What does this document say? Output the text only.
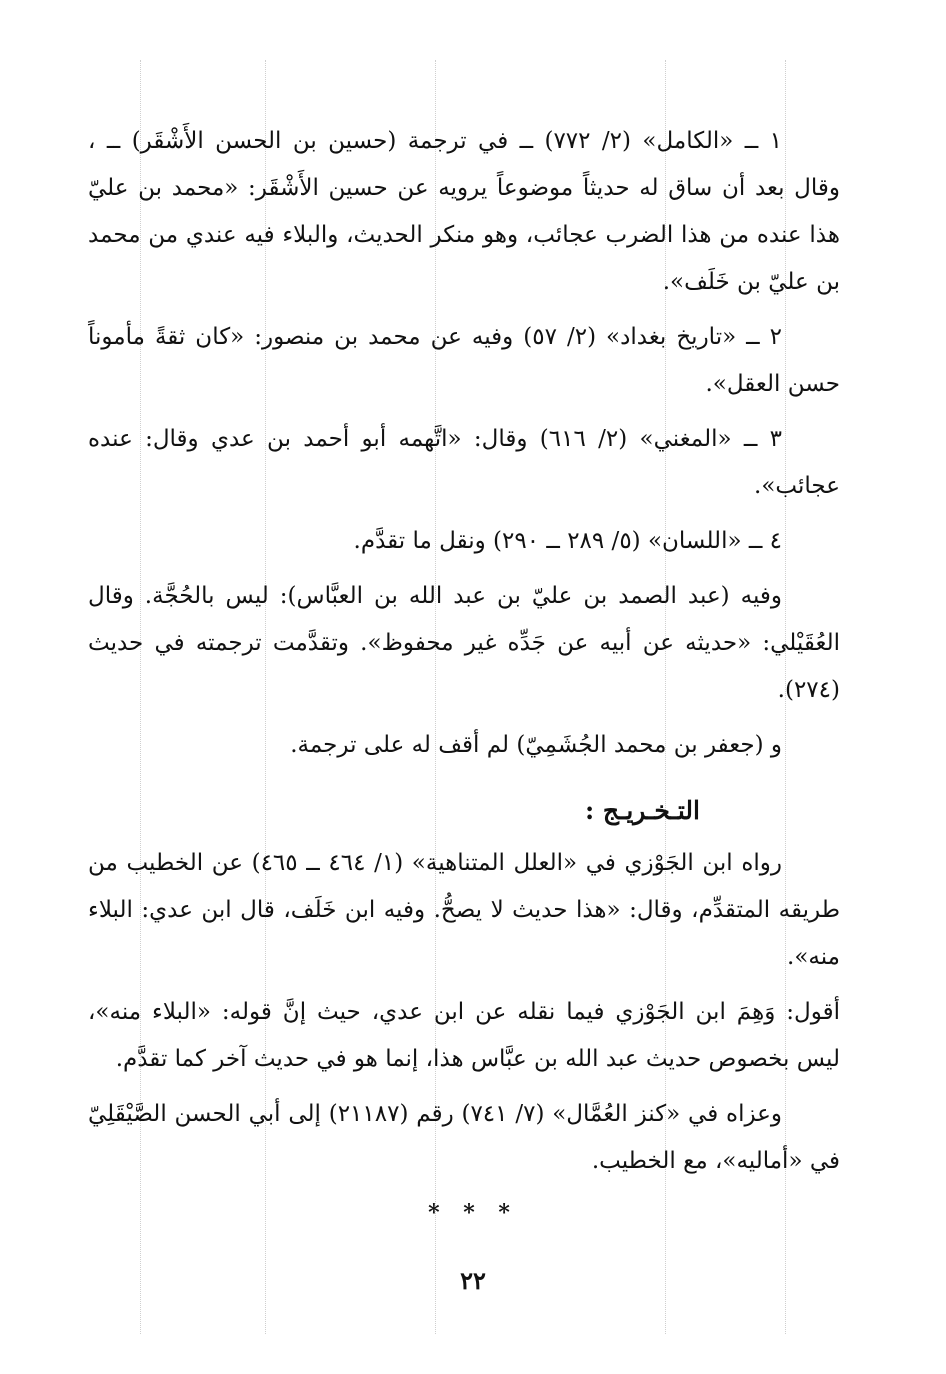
١ ــ «الكامل» (٢/ ٧٧٢) ــ في ترجمة (حسين بن الحسن الأَشْقَر) ــ ، وقال بعد أن ساق له حديثاً موضوعاً يرويه عن حسين الأَشْقَر: «محمد بن عليّ هذا عنده من هذا الضرب عجائب، وهو منكر الحديث، والبلاء فيه عندي من محمد بن عليّ بن خَلَف».

٢ ــ «تاريخ بغداد» (٢/ ٥٧) وفيه عن محمد بن منصور: «كان ثقةً مأموناً حسن العقل».

٣ ــ «المغني» (٢/ ٦١٦) وقال: «اتَّهمه أبو أحمد بن عدي وقال: عنده عجائب».

٤ ــ «اللسان» (٥/ ٢٨٩ ــ ٢٩٠) ونقل ما تقدَّم.

وفيه (عبد الصمد بن عليّ بن عبد الله بن العبَّاس): ليس بالحُجَّة. وقال العُقَيْلي: «حديثه عن أبيه عن جَدِّه غير محفوظ». وتقدَّمت ترجمته في حديث (٢٧٤).

و (جعفر بن محمد الجُشَمِيّ) لم أقف له على ترجمة.

التـخـريـج :

رواه ابن الجَوْزي في «العلل المتناهية» (١/ ٤٦٤ ــ ٤٦٥) عن الخطيب من طريقه المتقدِّم، وقال: «هذا حديث لا يصحُّ. وفيه ابن خَلَف، قال ابن عدي: البلاء منه».

أقول: وَهِمَ ابن الجَوْزي فيما نقله عن ابن عدي، حيث إنَّ قوله: «البلاء منه»، ليس بخصوص حديث عبد الله بن عبَّاس هذا، إنما هو في حديث آخر كما تقدَّم.

وعزاه في «كنز العُمَّال» (٧/ ٧٤١) رقم (٢١١٨٧) إلى أبي الحسن الصَّيْقَلِيّ في «أماليه»، مع الخطيب.

* * *
٢٢
